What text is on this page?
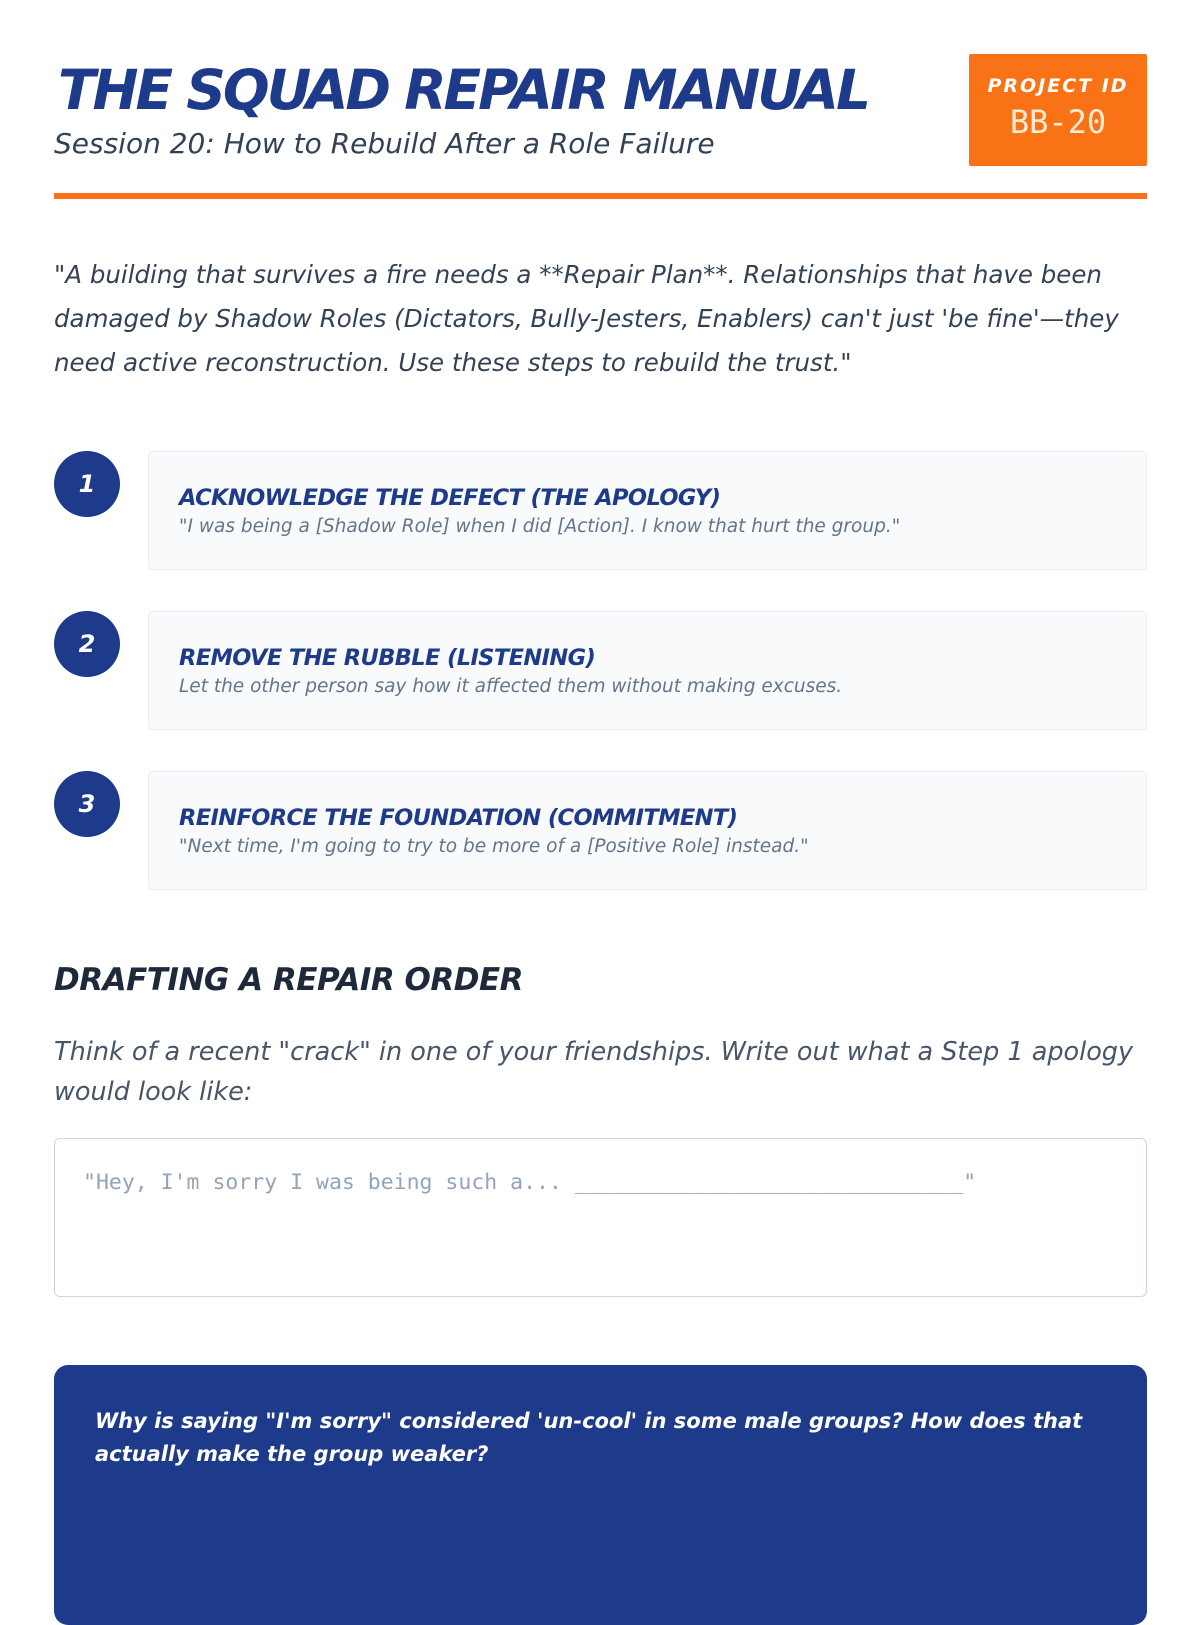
THE SQUAD REPAIR MANUAL

Session 20: How to Rebuild After a Role Failure

PROJECT ID
BB-20

"A building that survives a fire needs a **Repair Plan**. Relationships that have been damaged by Shadow Roles (Dictators, Bully-Jesters, Enablers) can't just 'be fine'—they need active reconstruction. Use these steps to rebuild the trust."

1	ACKNOWLEDGE THE DEFECT (THE APOLOGY)
"I was being a [Shadow Role] when I did [Action]. I know that hurt the group."
2	REMOVE THE RUBBLE (LISTENING)
Let the other person say how it affected them without making excuses.
3	REINFORCE THE FOUNDATION (COMMITMENT)
"Next time, I'm going to try to be more of a [Positive Role] instead."
DRAFTING A REPAIR ORDER

Think of a recent "crack" in one of your friendships. Write out what a Step 1 apology would look like:

"Hey, I'm sorry I was being such a... ______________________________"

Why is saying "I'm sorry" considered 'un-cool' in some male groups? How does that actually make the group weaker?
